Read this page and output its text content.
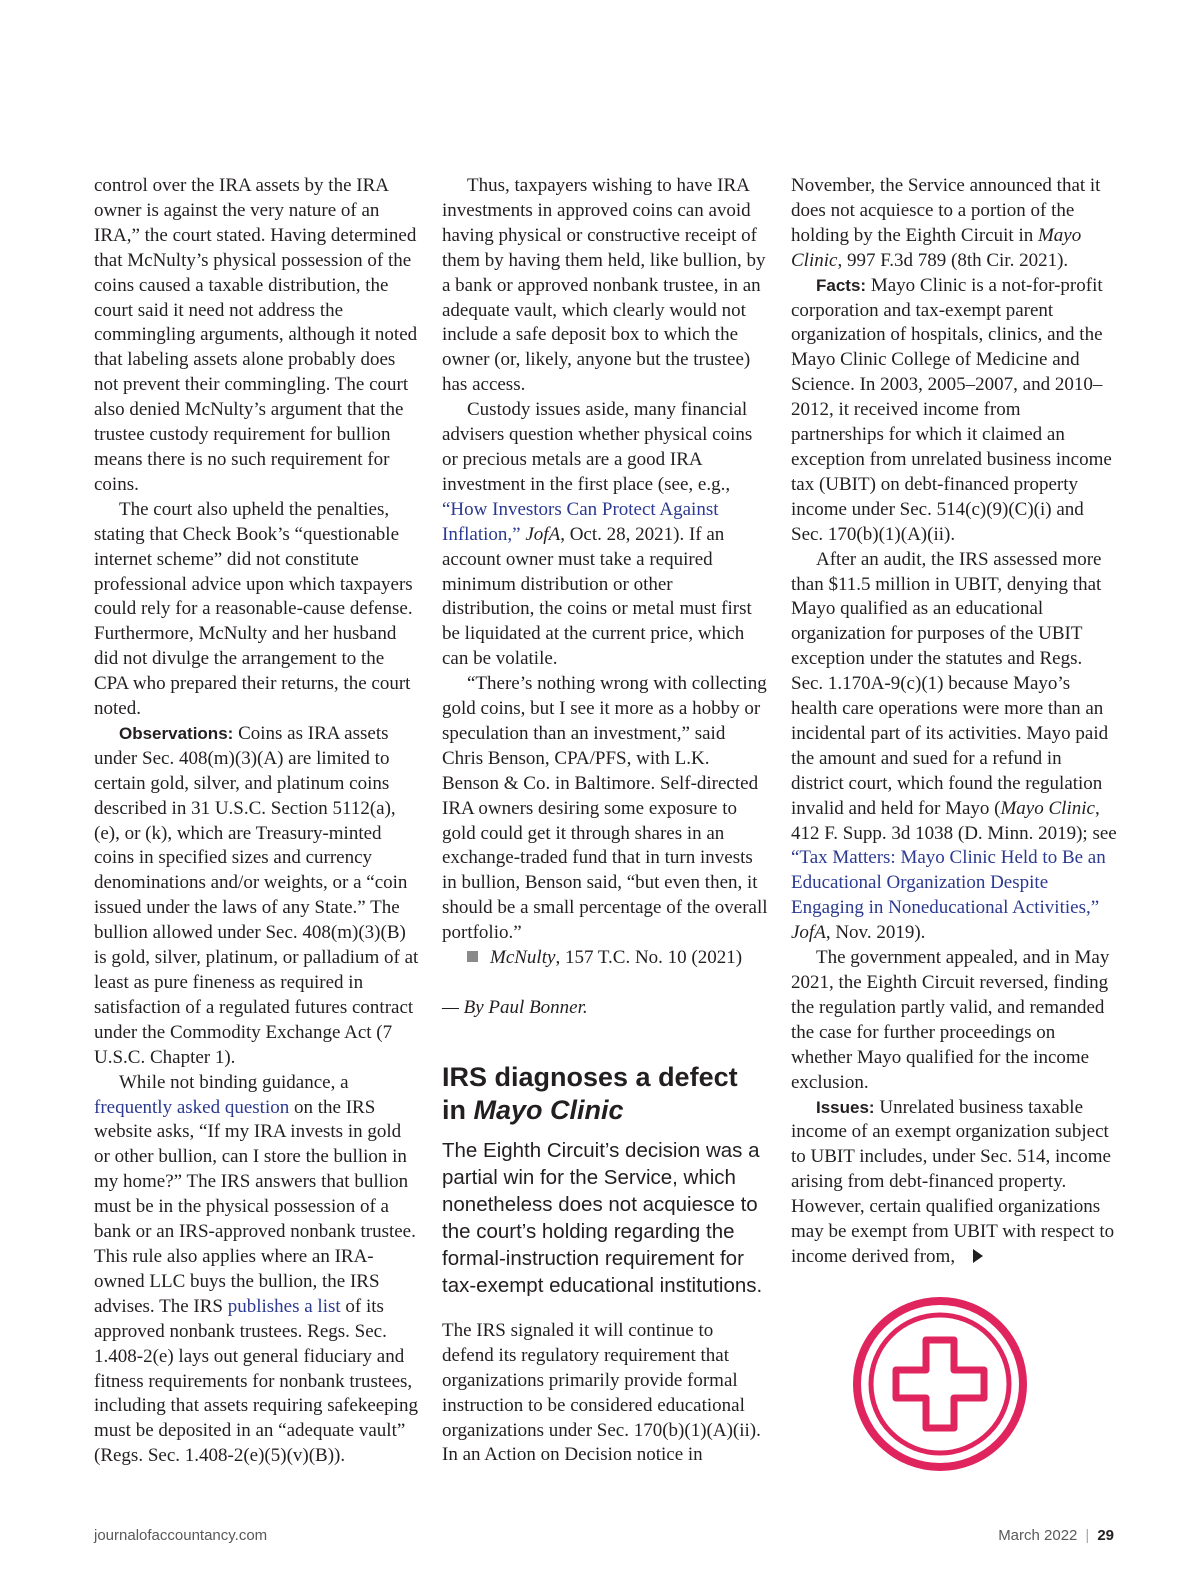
control over the IRA assets by the IRA owner is against the very nature of an IRA,” the court stated. Having determined that McNulty’s physical possession of the coins caused a taxable distribution, the court said it need not address the commingling arguments, although it noted that labeling assets alone probably does not prevent their commingling. The court also denied McNulty’s argument that the trustee custody requirement for bullion means there is no such requirement for coins.

The court also upheld the penalties, stating that Check Book’s “questionable internet scheme” did not constitute professional advice upon which taxpayers could rely for a reasonable-cause defense. Furthermore, McNulty and her husband did not divulge the arrangement to the CPA who prepared their returns, the court noted.

Observations: Coins as IRA assets under Sec. 408(m)(3)(A) are limited to certain gold, silver, and platinum coins described in 31 U.S.C. Section 5112(a), (e), or (k), which are Treasury-minted coins in specified sizes and currency denominations and/or weights, or a “coin issued under the laws of any State.” The bullion allowed under Sec. 408(m)(3)(B) is gold, silver, platinum, or palladium of at least as pure fineness as required in satisfaction of a regulated futures contract under the Commodity Exchange Act (7 U.S.C. Chapter 1).

While not binding guidance, a frequently asked question on the IRS website asks, “If my IRA invests in gold or other bullion, can I store the bullion in my home?” The IRS answers that bullion must be in the physical possession of a bank or an IRS-approved nonbank trustee. This rule also applies where an IRA-owned LLC buys the bullion, the IRS advises. The IRS publishes a list of its approved nonbank trustees. Regs. Sec. 1.408-2(e) lays out general fiduciary and fitness requirements for nonbank trustees, including that assets requiring safekeeping must be deposited in an “adequate vault” (Regs. Sec. 1.408-2(e)(5)(v)(B)).

Thus, taxpayers wishing to have IRA investments in approved coins can avoid having physical or constructive receipt of them by having them held, like bullion, by a bank or approved nonbank trustee, in an adequate vault, which clearly would not include a safe deposit box to which the owner (or, likely, anyone but the trustee) has access.

Custody issues aside, many financial advisers question whether physical coins or precious metals are a good IRA investment in the first place (see, e.g., “How Investors Can Protect Against Inflation,” JofA, Oct. 28, 2021). If an account owner must take a required minimum distribution or other distribution, the coins or metal must first be liquidated at the current price, which can be volatile.

“There’s nothing wrong with collecting gold coins, but I see it more as a hobby or speculation than an investment,” said Chris Benson, CPA/PFS, with L.K. Benson & Co. in Baltimore. Self-directed IRA owners desiring some exposure to gold could get it through shares in an exchange-traded fund that in turn invests in bullion, Benson said, “but even then, it should be a small percentage of the overall portfolio.”

McNulty, 157 T.C. No. 10 (2021)

— By Paul Bonner.

IRS diagnoses a defect in Mayo Clinic
The Eighth Circuit’s decision was a partial win for the Service, which nonetheless does not acquiesce to the court’s holding regarding the formal-instruction requirement for tax-exempt educational institutions.

The IRS signaled it will continue to defend its regulatory requirement that organizations primarily provide formal instruction to be considered educational organizations under Sec. 170(b)(1)(A)(ii). In an Action on Decision notice in

November, the Service announced that it does not acquiesce to a portion of the holding by the Eighth Circuit in Mayo Clinic, 997 F.3d 789 (8th Cir. 2021).

Facts: Mayo Clinic is a not-for-profit corporation and tax-exempt parent organization of hospitals, clinics, and the Mayo Clinic College of Medicine and Science. In 2003, 2005–2007, and 2010–2012, it received income from partnerships for which it claimed an exception from unrelated business income tax (UBIT) on debt-financed property income under Sec. 514(c)(9)(C)(i) and Sec. 170(b)(1)(A)(ii).

After an audit, the IRS assessed more than $11.5 million in UBIT, denying that Mayo qualified as an educational organization for purposes of the UBIT exception under the statutes and Regs. Sec. 1.170A-9(c)(1) because Mayo’s health care operations were more than an incidental part of its activities. Mayo paid the amount and sued for a refund in district court, which found the regulation invalid and held for Mayo (Mayo Clinic, 412 F. Supp. 3d 1038 (D. Minn. 2019); see “Tax Matters: Mayo Clinic Held to Be an Educational Organization Despite Engaging in Noneducational Activities,” JofA, Nov. 2019).

The government appealed, and in May 2021, the Eighth Circuit reversed, finding the regulation partly valid, and remanded the case for further proceedings on whether Mayo qualified for the income exclusion.

Issues: Unrelated business taxable income of an exempt organization subject to UBIT includes, under Sec. 514, income arising from debt-financed property. However, certain qualified organizations may be exempt from UBIT with respect to income derived from,

journalofaccountancy.com	March 2022 | 29
